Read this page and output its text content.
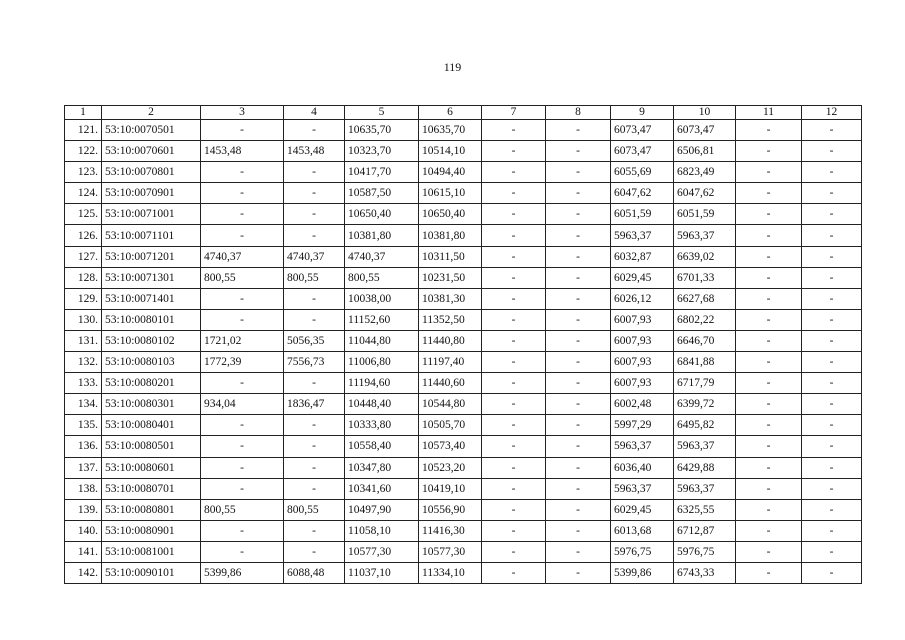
119
1	2	3	4	5	6	7	8	9	10	11	12
121.	53:10:0070501	-	-	10635,70	10635,70	-	-	6073,47	6073,47	-	-
122.	53:10:0070601	1453,48	1453,48	10323,70	10514,10	-	-	6073,47	6506,81	-	-
123.	53:10:0070801	-	-	10417,70	10494,40	-	-	6055,69	6823,49	-	-
124.	53:10:0070901	-	-	10587,50	10615,10	-	-	6047,62	6047,62	-	-
125.	53:10:0071001	-	-	10650,40	10650,40	-	-	6051,59	6051,59	-	-
126.	53:10:0071101	-	-	10381,80	10381,80	-	-	5963,37	5963,37	-	-
127.	53:10:0071201	4740,37	4740,37	4740,37	10311,50	-	-	6032,87	6639,02	-	-
128.	53:10:0071301	800,55	800,55	800,55	10231,50	-	-	6029,45	6701,33	-	-
129.	53:10:0071401	-	-	10038,00	10381,30	-	-	6026,12	6627,68	-	-
130.	53:10:0080101	-	-	11152,60	11352,50	-	-	6007,93	6802,22	-	-
131.	53:10:0080102	1721,02	5056,35	11044,80	11440,80	-	-	6007,93	6646,70	-	-
132.	53:10:0080103	1772,39	7556,73	11006,80	11197,40	-	-	6007,93	6841,88	-	-
133.	53:10:0080201	-	-	11194,60	11440,60	-	-	6007,93	6717,79	-	-
134.	53:10:0080301	934,04	1836,47	10448,40	10544,80	-	-	6002,48	6399,72	-	-
135.	53:10:0080401	-	-	10333,80	10505,70	-	-	5997,29	6495,82	-	-
136.	53:10:0080501	-	-	10558,40	10573,40	-	-	5963,37	5963,37	-	-
137.	53:10:0080601	-	-	10347,80	10523,20	-	-	6036,40	6429,88	-	-
138.	53:10:0080701	-	-	10341,60	10419,10	-	-	5963,37	5963,37	-	-
139.	53:10:0080801	800,55	800,55	10497,90	10556,90	-	-	6029,45	6325,55	-	-
140.	53:10:0080901	-	-	11058,10	11416,30	-	-	6013,68	6712,87	-	-
141.	53:10:0081001	-	-	10577,30	10577,30	-	-	5976,75	5976,75	-	-
142.	53:10:0090101	5399,86	6088,48	11037,10	11334,10	-	-	5399,86	6743,33	-	-
